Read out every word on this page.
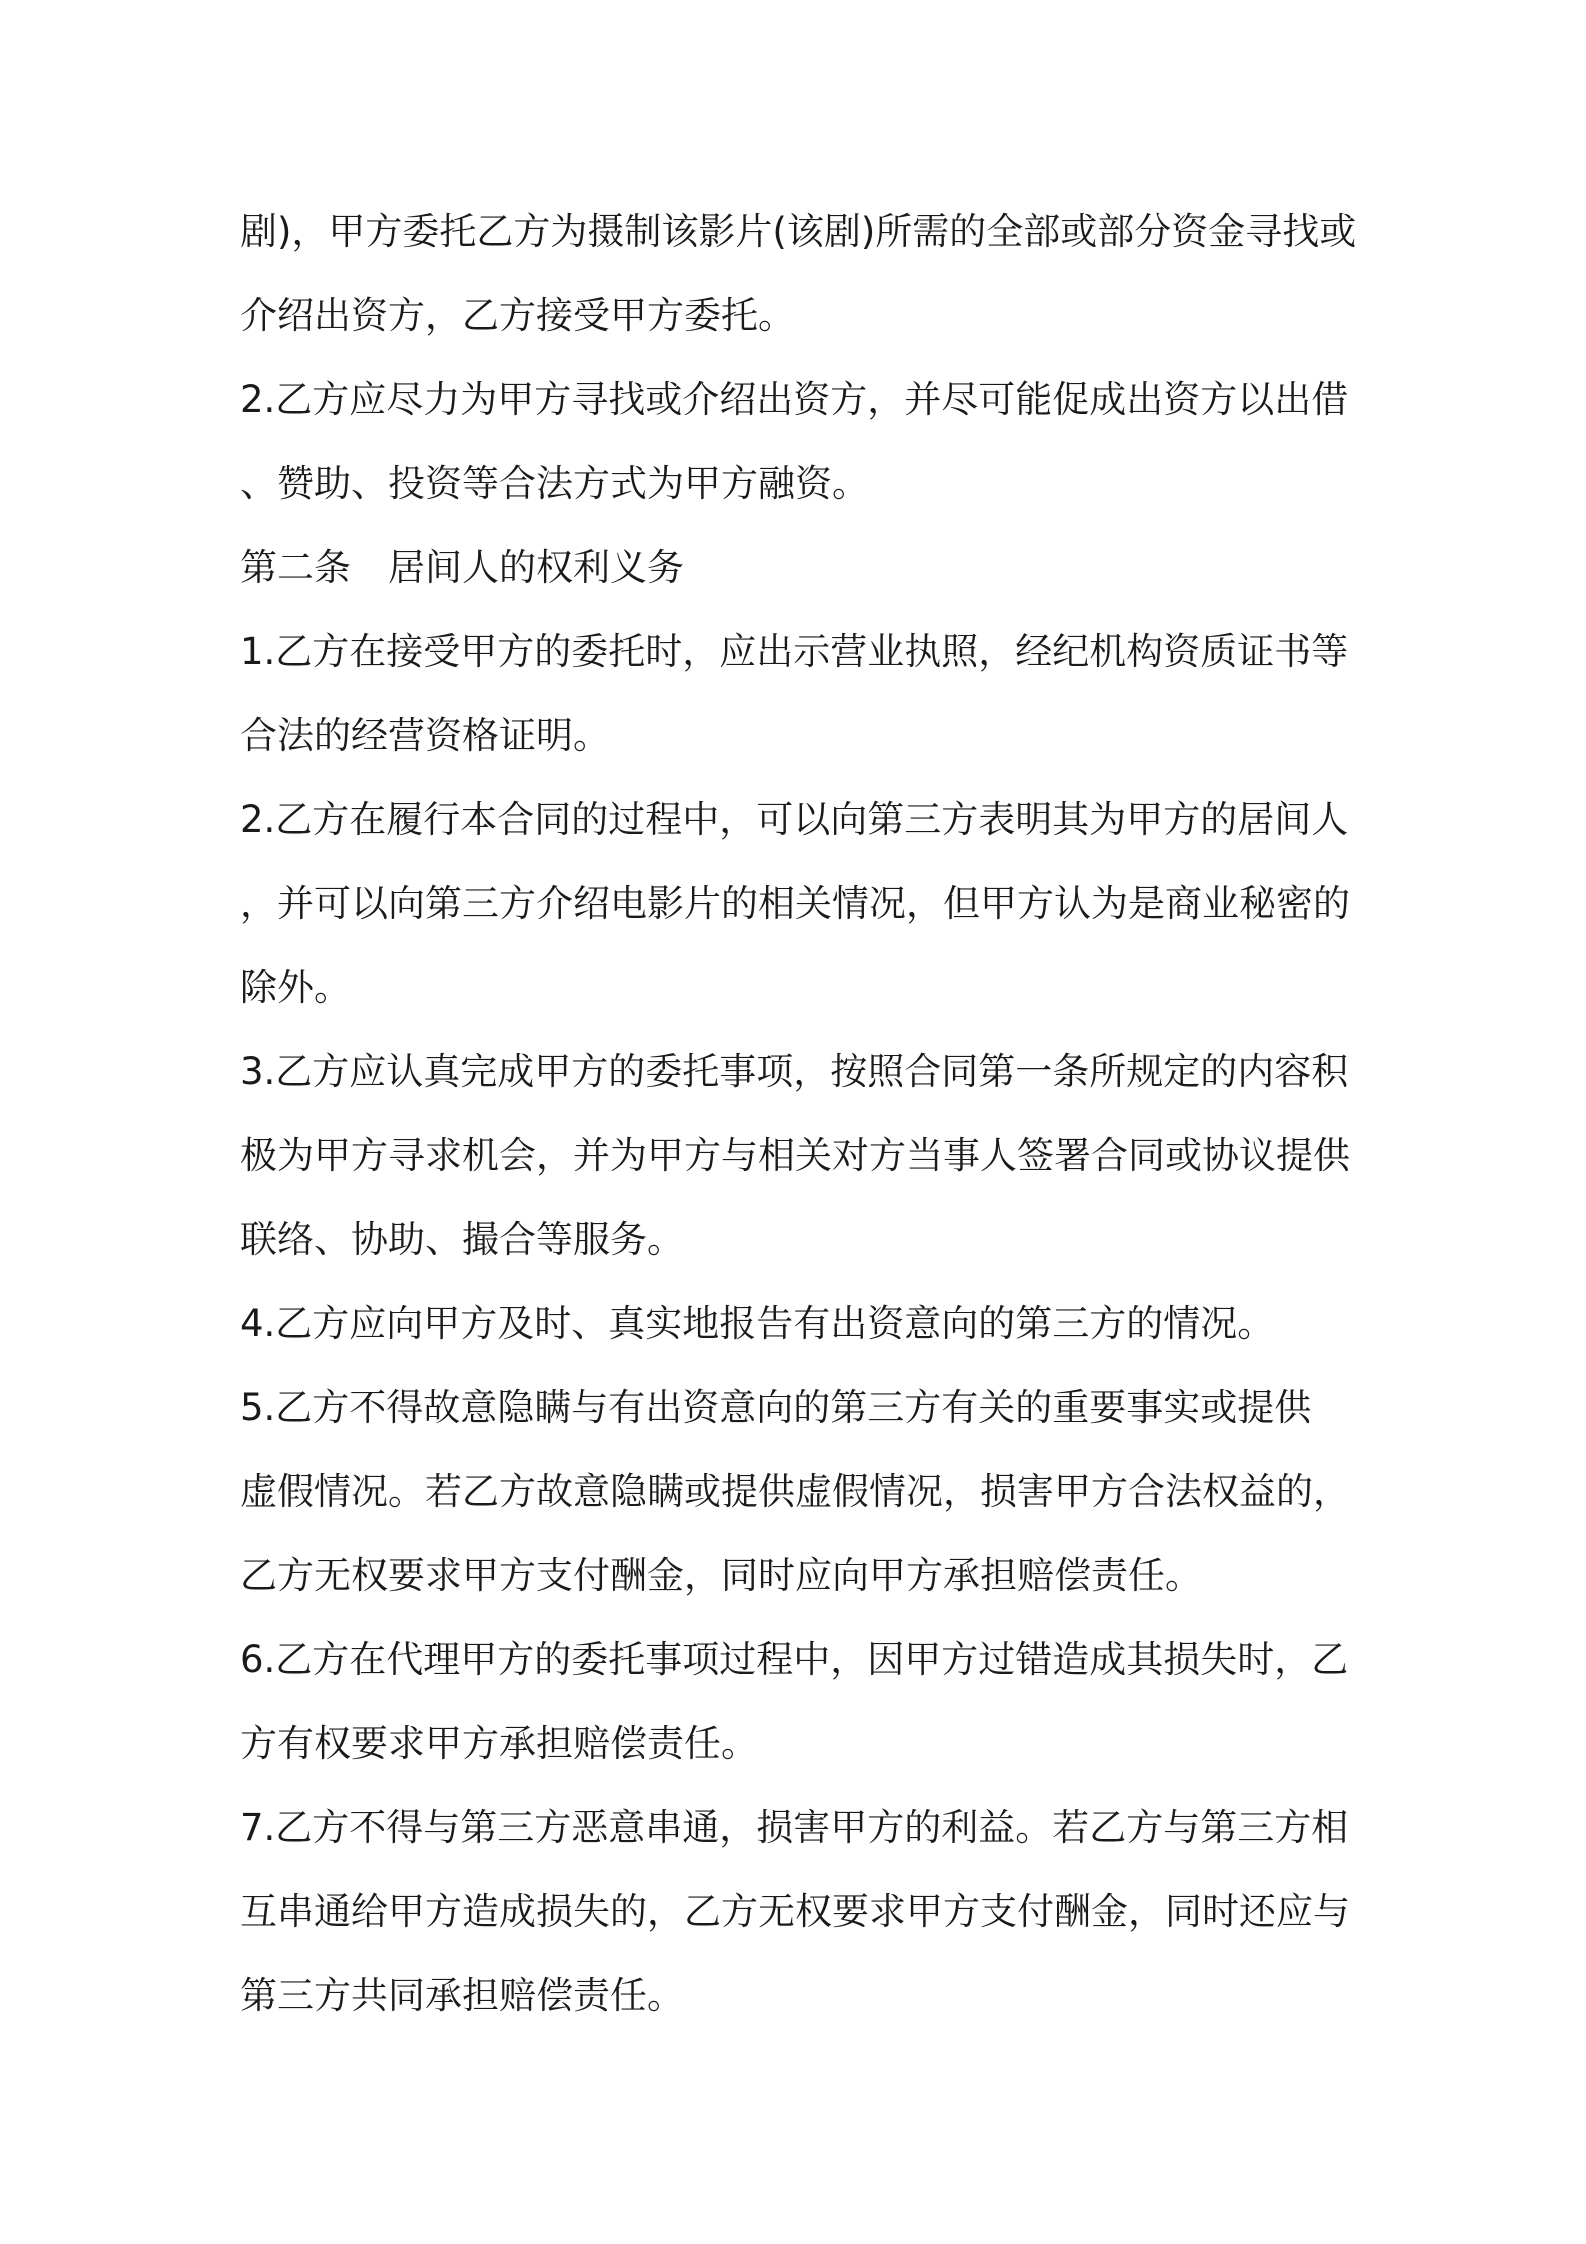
剧)，甲方委托乙方为摄制该影片(该剧)所需的全部或部分资金寻找或
介绍出资方，乙方接受甲方委托。
2.乙方应尽力为甲方寻找或介绍出资方，并尽可能促成出资方以出借
、赞助、投资等合法方式为甲方融资。
第二条　居间人的权利义务
1.乙方在接受甲方的委托时，应出示营业执照，经纪机构资质证书等
合法的经营资格证明。
2.乙方在履行本合同的过程中，可以向第三方表明其为甲方的居间人
，并可以向第三方介绍电影片的相关情况，但甲方认为是商业秘密的
除外。
3.乙方应认真完成甲方的委托事项，按照合同第一条所规定的内容积
极为甲方寻求机会，并为甲方与相关对方当事人签署合同或协议提供
联络、协助、撮合等服务。
4.乙方应向甲方及时、真实地报告有出资意向的第三方的情况。
5.乙方不得故意隐瞒与有出资意向的第三方有关的重要事实或提供
虚假情况。若乙方故意隐瞒或提供虚假情况，损害甲方合法权益的，
乙方无权要求甲方支付酬金，同时应向甲方承担赔偿责任。
6.乙方在代理甲方的委托事项过程中，因甲方过错造成其损失时，乙
方有权要求甲方承担赔偿责任。
7.乙方不得与第三方恶意串通，损害甲方的利益。若乙方与第三方相
互串通给甲方造成损失的，乙方无权要求甲方支付酬金，同时还应与
第三方共同承担赔偿责任。
